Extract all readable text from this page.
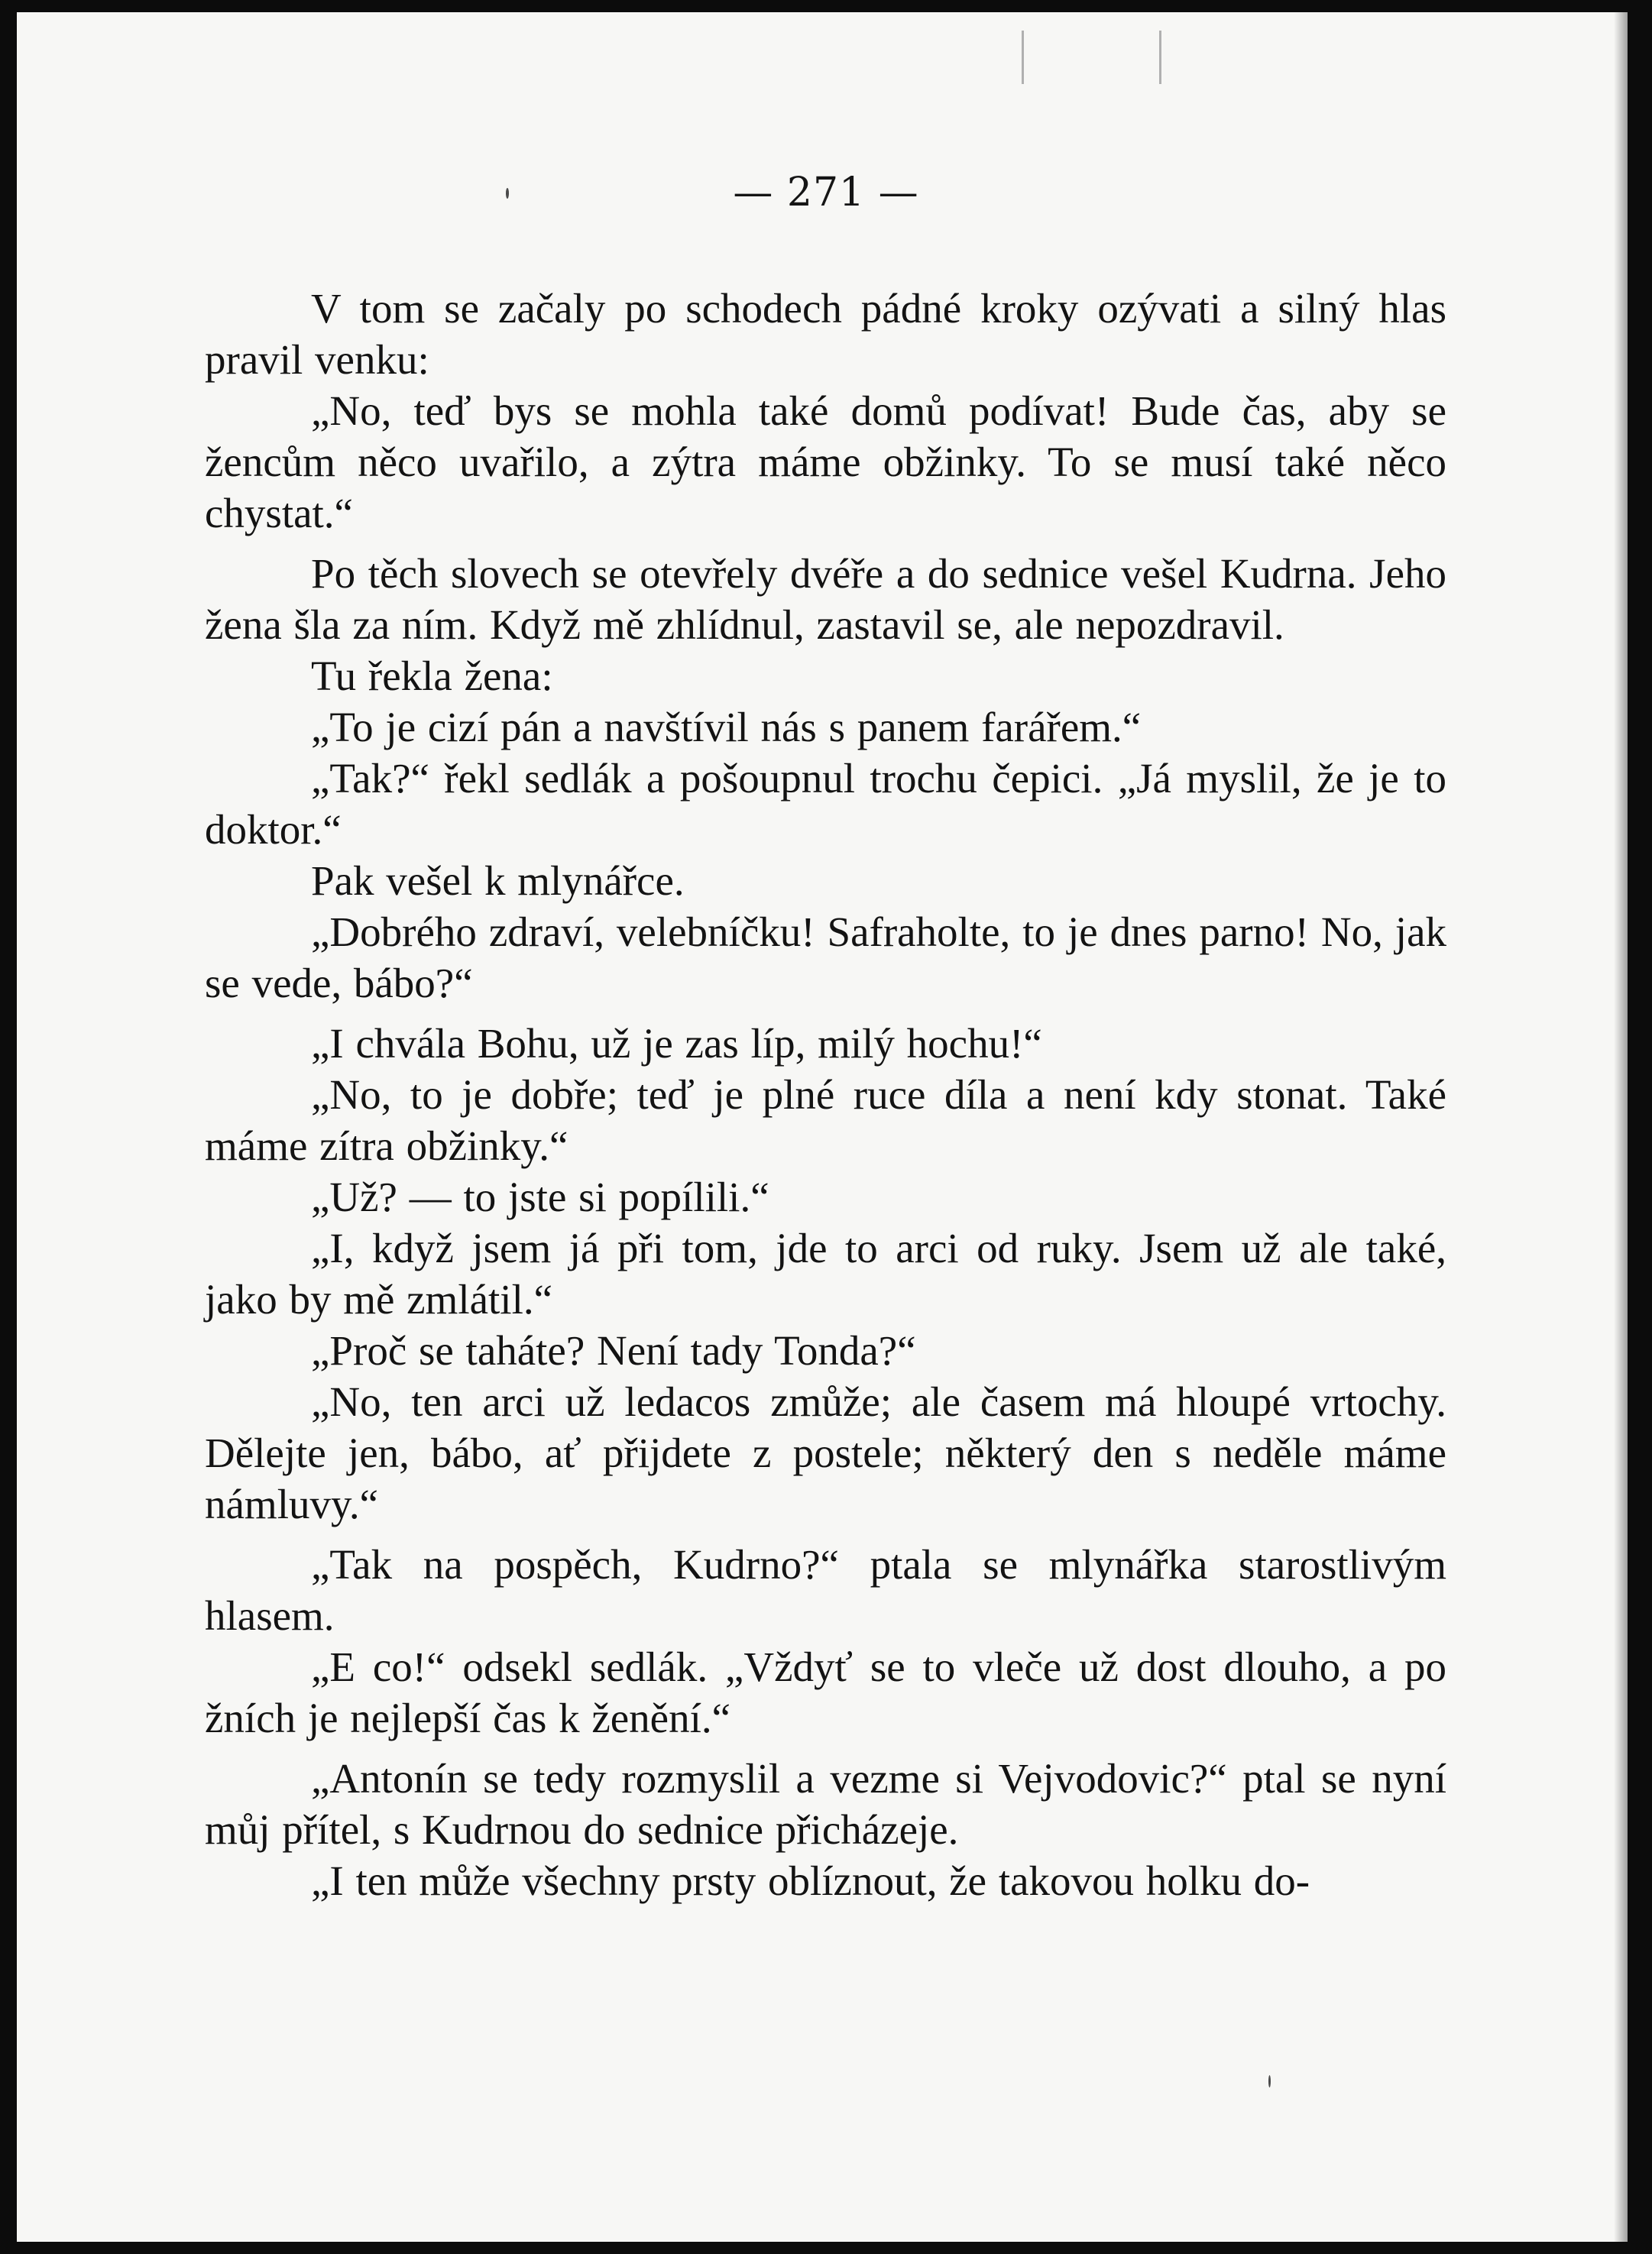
— 271 —

V tom se začaly po schodech pádné kroky ozývati a silný hlas pravil venku:

„No, teď bys se mohla také domů podívat! Bude čas, aby se žencům něco uvařilo, a zýtra máme obžinky. To se musí také něco chystat.“

Po těch slovech se otevřely dvéře a do sednice vešel Kudrna. Jeho žena šla za ním. Když mě zhlídnul, zastavil se, ale nepozdravil.

Tu řekla žena:

„To je cizí pán a navštívil nás s panem farářem.“

„Tak?“ řekl sedlák a pošoupnul trochu čepici. „Já myslil, že je to doktor.“

Pak vešel k mlynářce.

„Dobrého zdraví, velebníčku! Safraholte, to je dnes parno! No, jak se vede, bábo?“

„I chvála Bohu, už je zas líp, milý hochu!“

„No, to je dobře; teď je plné ruce díla a není kdy stonat. Také máme zítra obžinky.“

„Už? — to jste si popílili.“

„I, když jsem já při tom, jde to arci od ruky. Jsem už ale také, jako by mě zmlátil.“

„Proč se taháte? Není tady Tonda?“

„No, ten arci už ledacos zmůže; ale časem má hloupé vrtochy. Dělejte jen, bábo, ať přijdete z postele; některý den s neděle máme námluvy.“

„Tak na pospěch, Kudrno?“ ptala se mlynářka starostlivým hlasem.

„E co!“ odsekl sedlák. „Vždyť se to vleče už dost dlouho, a po žních je nejlepší čas k ženění.“

„Antonín se tedy rozmyslil a vezme si Vejvodovic?“ ptal se nyní můj přítel, s Kudrnou do sednice přicházeje.

„I ten může všechny prsty oblíznout, že takovou holku do-
